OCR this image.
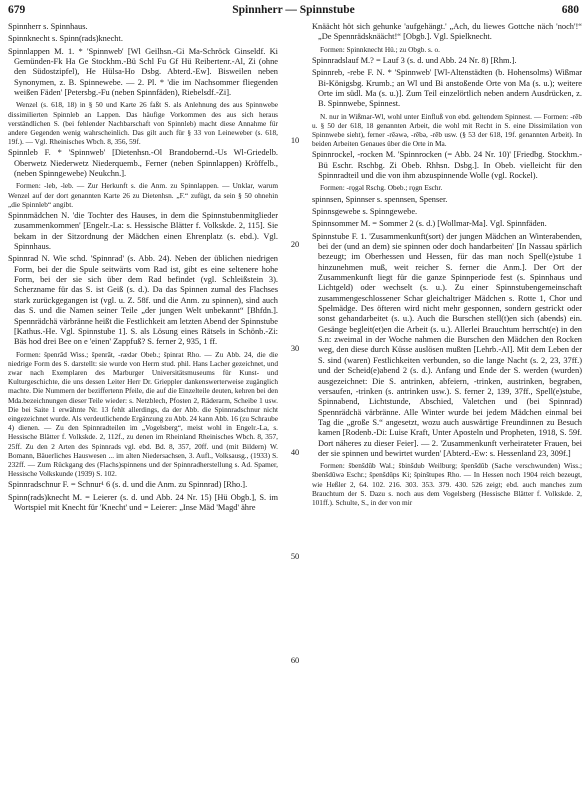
679	Spinnherr — Spinnstube	680

Spinnherr s. Spinnhaus.

Spinnknecht s. Spinn(rads)knecht.

Spinnlappen M. 1. * 'Spinnweb' [Wl Geilhsn.-Gi Ma-Schröck Ginseldf. Ki Gemünden-Fk Ha Ge Stockhm.-Bü Schl Fu Gf Hü Reibertenr.-Al, Zi (ohne den Südostzipfel), He Hülsa-Ho Dsbg. Abterd.-Ew]. Bisweilen neben Synonymen, z. B. Spinnewebe. — 2. Pl. * 'die im Nachsommer fliegenden weißen Fäden' [Petersbg.-Fu (neben Spinnfäden), Riebelsdf.-Zi].

Wenzel (s. 618, 18) in § 50 und Karte 26 faßt S. als Anlehnung des aus Spinnwebe dissimilierten Spinnleb an Lappen. Das häufige Vorkommen des aus sich heraus verständlichen S. (bei fehlender Nachbarschaft von Spinnleb) macht diese Annahme für andere Gegenden wenig wahrscheinlich. Das gilt auch für § 33 von Leineweber (s. 618, 19f.). — Vgl. Rheinisches Wbch. 8, 356, 59f.

Spinnleb F. * 'Spinnweb' [Dietenhsn.-Ol Brandobernd.-Us Wl-Griedelb. Oberwetz Niederwetz Niederquemb., Ferner (neben Spinnlappen) Kröffelb., (neben Spinngewebe) Neukchn.].

Formen: -leb, -leb. — Zur Herkunft s. die Anm. zu Spinnlappen. — Unklar, warum Wenzel auf der dort genannten Karte 26 zu Dietenhsn. „F.“ zufügt, da sein § 50 ohnehin „die Spinnleb“ angibt.

Spinnmädchen N. 'die Tochter des Hauses, in dem die Spinnstubenmitglieder zusammenkommen' [Engelr.-La: s. Hessische Blätter f. Volkskde. 2, 115]. Sie bekam in der Sitzordnung der Mädchen einen Ehrenplatz (s. ebd.). Vgl. Spinnhaus.

Spinnrad N. Wie schd. 'Spinnrad' (s. Abb. 24). Neben der üblichen niedrigen Form, bei der die Spule seitwärts vom Rad ist, gibt es eine seltenere hohe Form, bei der sie sich über dem Rad befindet (vgl. Schleißstein 3). Scherzname für das S. ist Geiß (s. d.). Da das Spinnen zumal des Flachses stark zurückgegangen ist (vgl. u. Z. 58f. und die Anm. zu spinnen), sind auch das S. und die Namen seiner Teile „der jungen Welt unbekannt“ [Bhfdn.]. Spennrädchä värbränne heißt die Festlichkeit am letzten Abend der Spinnstube [Kathus.-He. Vgl. Spinnstube 1]. S. als Lösung eines Rätsels in Schönb.-Zi: Bäs hod drei Bee on e 'einen' Zappfuß? S. ferner 2, 935, 1 ff.

Formen: špenrād Wiss.; špenrāt, -rædər Obeb.; špinrat Rho. — Zu Abb. 24, die die niedrige Form des S. darstellt: sie wurde von Herrn stud. phil. Hans Lacher gezeichnet, und zwar nach Exemplaren des Marburger Universitätsmuseums für Kunst- und Kulturgeschichte, die uns dessen Leiter Herr Dr. Grieppler dankenswerterweise zugänglich machte. Die Nummern der beziffertenn Pfeile, die auf die Einzelteile deuten, kehren bei den Mda.bezeichnungen dieser Teile wieder: s. Netzblech, Pfosten 2, Räderarm, Scheibe 1 usw. Die bei Saite 1 erwähnte Nr. 13 fehlt allerdings, da der Abb. die Spinnradschnur nicht eingezeichnet wurde. Als verdeutlichende Ergänzung zu Abb. 24 kann Abb. 16 (zu Schraube 4) dienen. — Zu den Spinnradteilen im „Vogelsberg“, meist wohl in Engelr.-La, s. Hessische Blätter f. Volkskde. 2, 112f., zu denen im Rheinland Rheinisches Wbch. 8, 357, 25ff. Zu den 2 Arten des Spinnrads vgl. ebd. Bd. 8, 357, 20ff. und (mit Bildern) W. Bomann, Bäuerliches Hauswesen ... im alten Niedersachsen, 3. Aufl., Volksausg., (1933) S. 232ff. — Zum Rückgang des (Flachs)spinnens und der Spinnradherstellung s. Ad. Spamer, Hessische Volkskunde (1939) S. 102.

Spinnradschnur F. = Schnur¹ 6 (s. d. und die Anm. zu Spinnrad) [Rho.].

Spinn(rads)knecht M. = Leierer (s. d. und Abb. 24 Nr. 15) [Hü Obgb.], S. im Wortspiel mit Knecht für 'Knecht' und = Leierer: „Inse Mäd 'Magd' ähre

10
20
30
40
50
60

Knäächt höt sich gehunke 'aufgehängt.' „Ach, du liewes Gottche näch 'noch'!“ „De Spennrädsknäächt!“ [Obgb.]. Vgl. Spielknecht.

Formen: Spinnknecht Hü.; zu Obgb. s. o.

Spinnradslauf M.? = Lauf 3 (s. d. und Abb. 24 Nr. 8) [Rhm.].

Spinnreb, -rebe F. N. * 'Spinnweb' [Wl-Altenstädten (b. Hohensolms) Wißmar Bi-Königsbg. Krumb.; an Wl und Bi anstoßende Orte von Ma (s. u.); weitere Orte im südl. Ma (s. u.)]. Zum Teil einzelörtlich neben andern Ausdrücken, z. B. Spinnwebe, Spinnest.

N. nur in Wißmar-Wl, wohl unter Einfluß von ebd. geltendem Spinnest. — Formen: -rēb u. § 50 der 618, 18 genannten Arbeit, die wohl mit Recht in S. eine Dissimilation von Spinnwebe sieht), ferner -rēəwə, -rēbə, -rēb usw. (§ 53 der 618, 19f. genannten Arbeit). In beiden Arbeiten Genaues über die Orte in Ma.

Spinnrockel, -rocken M. 'Spinnrocken (= Abb. 24 Nr. 10)' [Friedbg. Stockhm.-Bü Eschr. Rschbg. Zi Obeb. Rhhsn. Dsbg.]. In Obeb. vielleicht für den Spinnradteil und die von ihm abzuspinnende Wolle (vgl. Rockel).

Formen: -rǫgəl Rschg. Obeb.; rǫgn Eschr.

spinnsen, Spinnser s. spennsen, Spenser.

Spinnsgewebe s. Spinngewebe.

Spinnsommer M. = Sommer 2 (s. d.) [Wollmar-Ma]. Vgl. Spinnfäden.

Spinnstube F. 1. 'Zusammenkunft(sort) der jungen Mädchen an Winterabenden, bei der (und an dem) sie spinnen oder doch handarbeiten' [In Nassau spärlich bezeugt; im Oberhessen und Hessen, für das man noch Spell(e)stube 1 hinzunehmen muß, weit reicher S. ferner die Anm.]. Der Ort der Zusammenkunft liegt für die ganze Spinnperiode fest (s. Spinnhaus und Lichtgeld) oder wechselt (s. u.). Zu einer Spinnstubengemeinschaft zusammengeschlossener Schar gleichaltriger Mädchen s. Rotte 1, Chor und Spelmädge. Des öfteren wird nicht mehr gesponnen, sondern gestrickt oder sonst gehandarbeitet (s. u.). Auch die Burschen stell(t)en sich (abends) ein. Gesänge begleit(et)en die Arbeit (s. u.). Allerlei Brauchtum herrscht(e) in den S.n: zweimal in der Woche nahmen die Burschen den Mädchen den Rocken weg, den diese durch Küsse auslösen mußten [Lehrb.-Al]. Mit dem Leben der S. sind (waren) Festlichkeiten verbunden, so die lange Nacht (s. 2, 23, 37ff.) und der Scheid(e)abend 2 (s. d.). Anfang und Ende der S. werden (wurden) ausgezeichnet: Die S. antrinken, abfeiern, -trinken, austrinken, begraben, versaufen, -trinken (s. antrinken usw.). S. ferner 2, 139, 37ff., Spell(e)stube, Spinnabend, Lichtstunde, Abschied, Valetchen und (bei Spinnrad) Spennrädchä värbränne. Alle Winter wurde bei jedem Mädchen einmal bei Tag die „große S.“ angesetzt, wozu auch auswärtige Freundinnen zu Besuch kamen [Rodenb.-Di: Luise Kraft, Unter Aposteln und Propheten, 1918, S. 59f. Dort näheres zu dieser Feier]. — 2. 'Zusammenkunft verheirateter Frauen, bei der sie spinnen und bewirtet wurden' [Abterd.-Ew: s. Hessenland 23, 309f.]

Formen: šbenšdûb Wal.; šbinšdub Weilburg; špenšdûb (Sache verschwunden) Wiss.; šbenšdûwə Eschr.; špenšdûps Ki; špinštupes Rho. — In Hessen noch 1904 reich bezeugt, wie Heßler 2, 64. 102. 216. 303. 353. 379. 430. 526 zeigt; ebd. auch manches zum Brauchtum der S. Dazu s. noch aus dem Vogelsberg (Hessische Blätter f. Volkskde. 2, 101ff.). Schulte, S., in der von mir
